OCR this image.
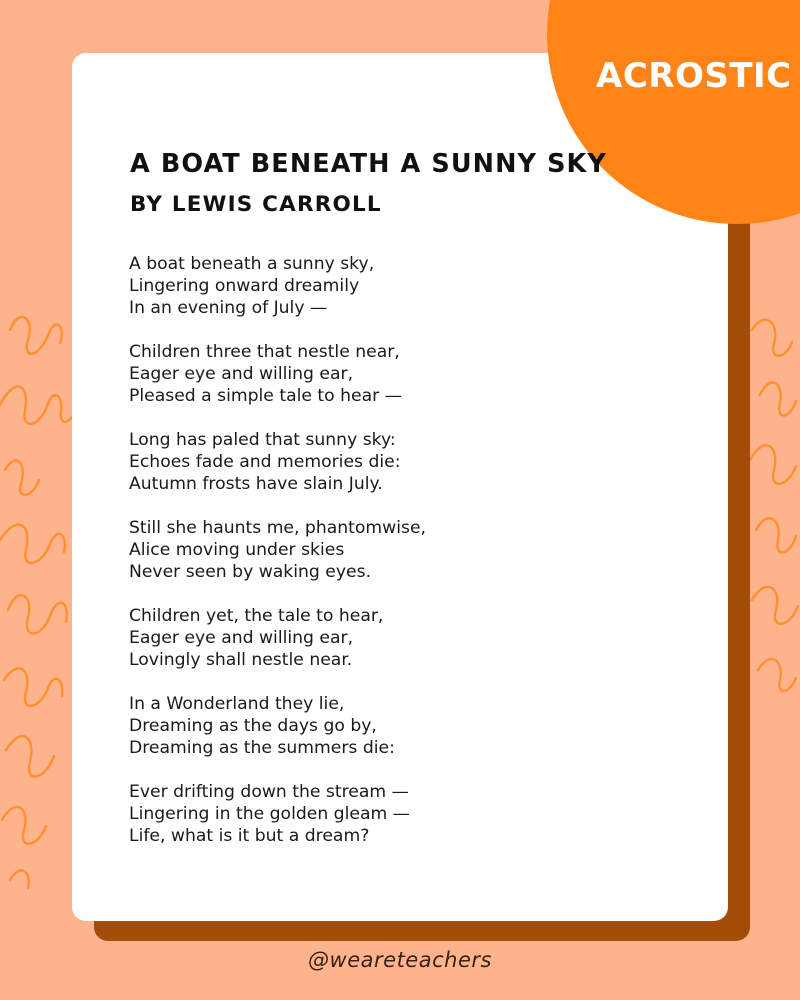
ACROSTIC
A BOAT BENEATH A SUNNY SKY
BY LEWIS CARROLL

A boat beneath a sunny sky,
Lingering onward dreamily
In an evening of July —

Children three that nestle near,
Eager eye and willing ear,
Pleased a simple tale to hear —

Long has paled that sunny sky:
Echoes fade and memories die:
Autumn frosts have slain July.

Still she haunts me, phantomwise,
Alice moving under skies
Never seen by waking eyes.

Children yet, the tale to hear,
Eager eye and willing ear,
Lovingly shall nestle near.

In a Wonderland they lie,
Dreaming as the days go by,
Dreaming as the summers die:

Ever drifting down the stream —
Lingering in the golden gleam —
Life, what is it but a dream?

@weareteachers
